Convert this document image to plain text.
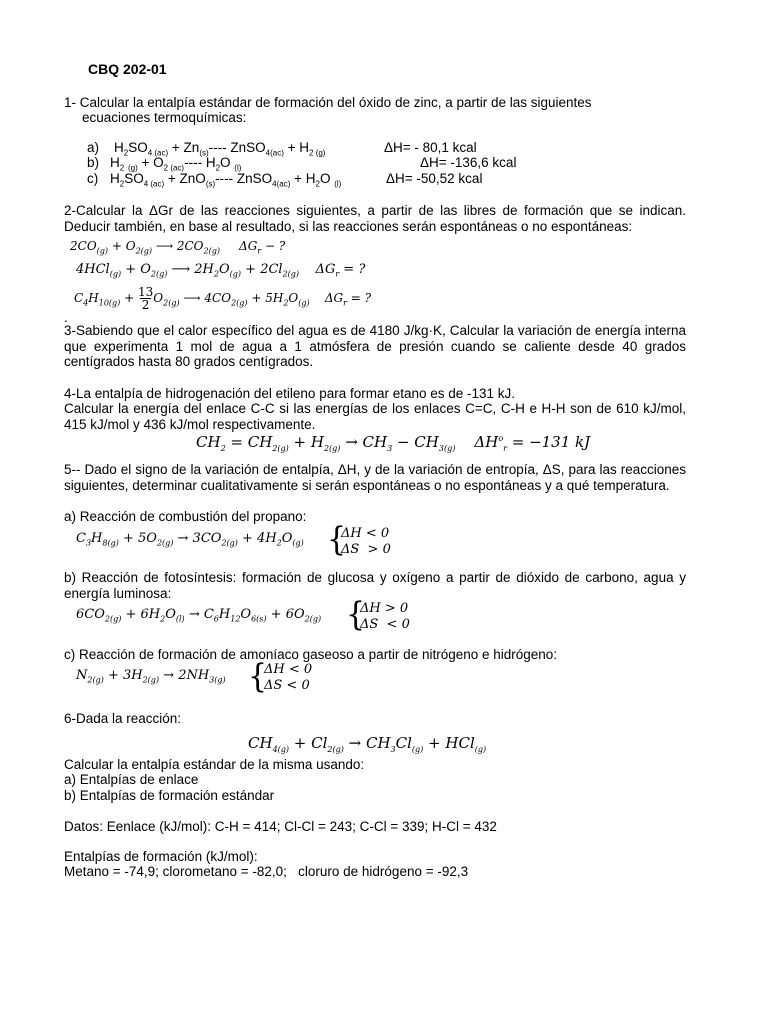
CBQ 202-01
1- Calcular la entalpía estándar de formación del óxido de zinc, a partir de las siguientes
ecuaciones termoquímicas:
a) $H_2SO_{4 (ac)} + Zn_{(s)}----$ ZnSO$_{4(ac)}$ + $H_{2 (g)}$	ΔH= - 80,1 kcal
b) $H_2$ $_{(g)} + O_{2 (ac)}----$ $H_2O$ $_{(l)}$	ΔH= -136,6 kcal
c) $H_2SO_{4 (ac)} + ZnO_{(s)}----$ ZnSO$_{4(ac)}$ + $H_2O$ $_{(l)}$	ΔH= -50,52 kcal
2-Calcular la ΔGr de las reacciones siguientes, a partir de las libres de formación que se indican. Deducir también, en base al resultado, si las reacciones serán espontáneas o no espontáneas:
$2CO_{(g)} + O_{2(g)}$ ⟶ $2CO_{2(g)}$     $\Delta G_r$ − ?
$4HCl_{(g)} + O_{2(g)}$ ⟶ $2H_2O_{(g)} + 2Cl_{2(g)}$    $\Delta G_r$ = ?
$C_4H_{10(g)} + \frac{13}{2} O_{2(g)}$ ⟶ $4CO_{2(g)} + 5H_2O_{(g)}$    $\Delta G_r$ = ?
.
3-Sabiendo que el calor específico del agua es de 4180 J/kg·K, Calcular la variación de energía interna que experimenta 1 mol de agua a 1 atmósfera de presión cuando se caliente desde 40 grados centígrados hasta 80 grados centígrados.
4-La entalpía de hidrogenación del etileno para formar etano es de -131 kJ.
Calcular la energía del enlace C-C si las energías de los enlaces C=C, C-H e H-H son de 610 kJ/mol, 415 kJ/mol y 436 kJ/mol respectivamente.
$CH_2 = CH_{2(g)} + H_{2(g)} \to CH_3 - CH_{3(g)}$    $\Delta H^o_r = -131$ kJ
5-- Dado el signo de la variación de entalpía, ΔH, y de la variación de entropía, ΔS, para las reacciones siguientes, determinar cualitativamente si serán espontáneas o no espontáneas y a qué temperatura.
a) Reacción de combustión del propano:
$C_3H_{8(g)} + 5O_{2(g)} \to 3CO_{2(g)} + 4H_2O_{(g)}$ {
ΔH < 0
ΔS  > 0
b) Reacción de fotosíntesis: formación de glucosa y oxígeno a partir de dióxido de carbono, agua y energía luminosa:
$6CO_{2(g)} + 6H_2O_{(l)} \to C_6H_{12}O_{6(s)} + 6O_{2(g)}$ {
ΔH > 0
ΔS  < 0
c) Reacción de formación de amoníaco gaseoso a partir de nitrógeno e hidrógeno:
$N_{2(g)} + 3H_{2(g)} \to 2NH_{3(g)}$ {
ΔH < 0
ΔS < 0
6-Dada la reacción:
$CH_{4(g)} + Cl_{2(g)} \to CH_3Cl_{(g)} + HCl_{(g)}$
Calcular la entalpía estándar de la misma usando:
a) Entalpías de enlace
b) Entalpías de formación estándar
Datos: Eenlace (kJ/mol): C-H = 414; Cl-Cl = 243; C-Cl = 339; H-Cl = 432
Entalpías de formación (kJ/mol):
Metano = -74,9; clorometano = -82,0;   cloruro de hidrógeno = -92,3
